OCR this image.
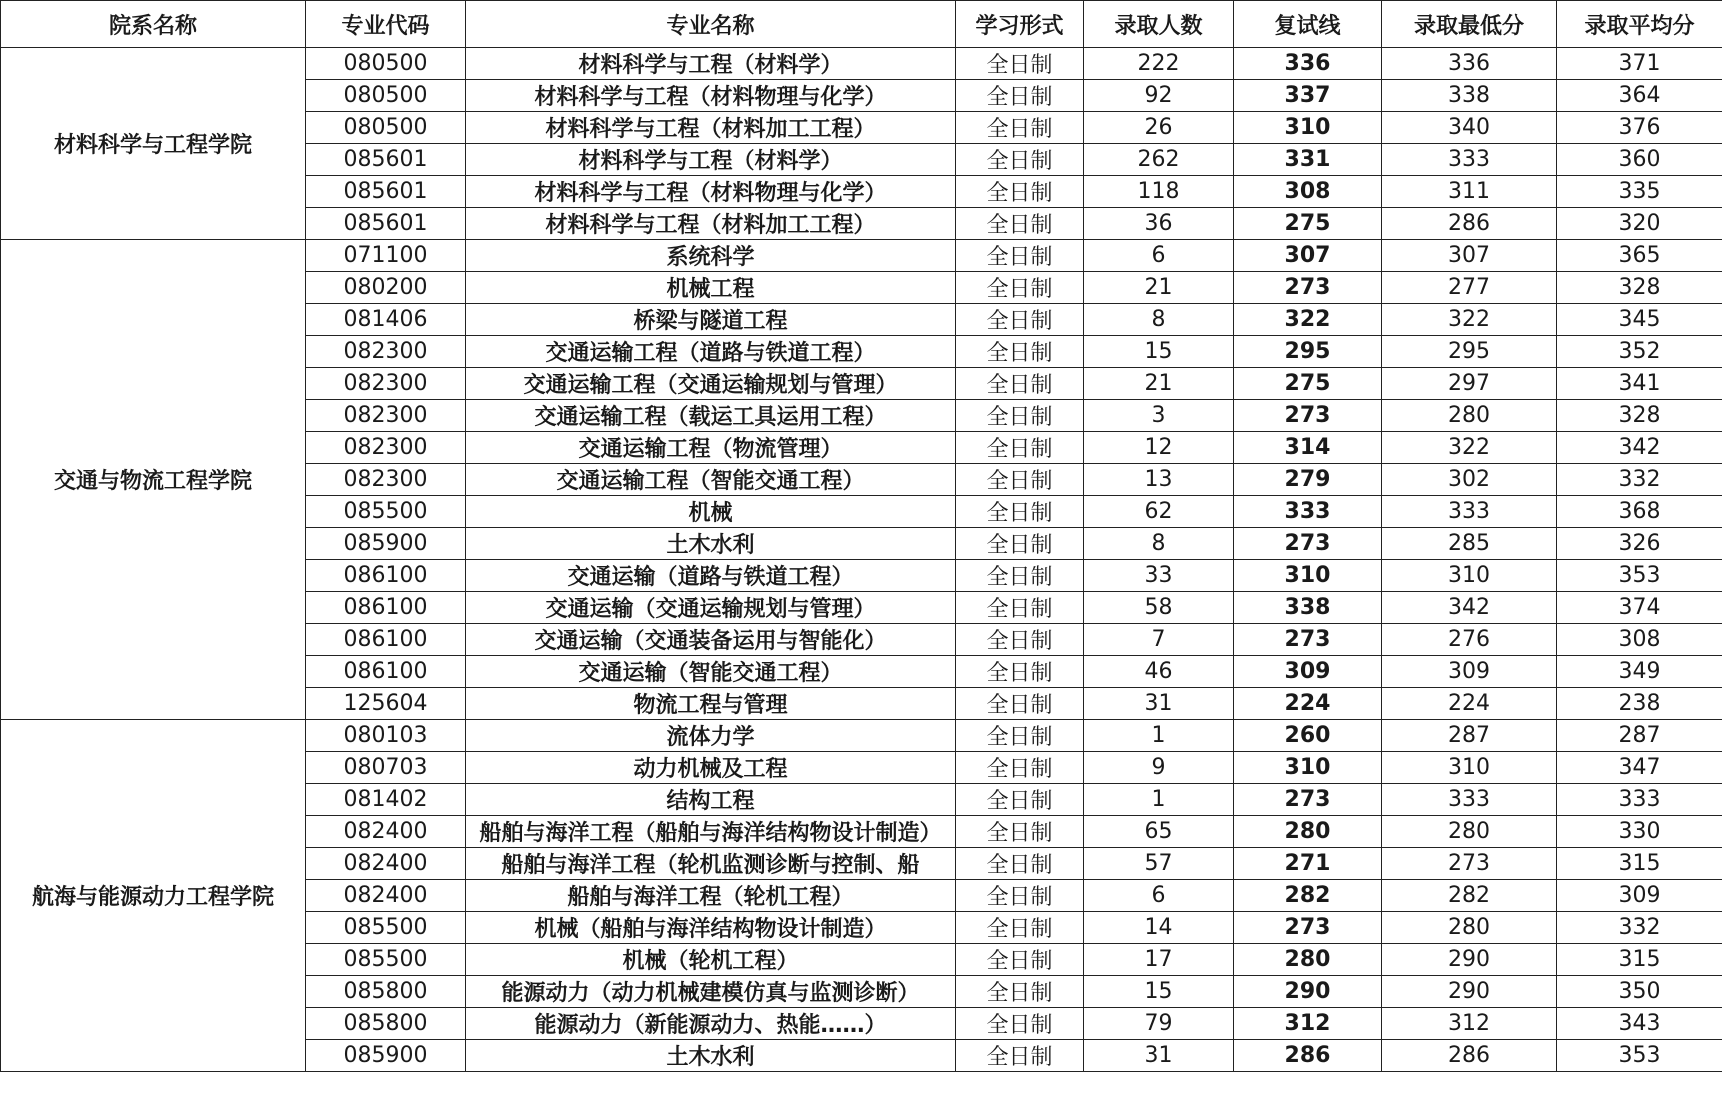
院系名称	专业代码	专业名称	学习形式	录取人数	复试线	录取最低分	录取平均分
材料科学与工程学院	080500	材料科学与工程（材料学）	全日制	222	336	336	371
	080500	材料科学与工程（材料物理与化学）	全日制	92	337	338	364
	080500	材料科学与工程（材料加工工程）	全日制	26	310	340	376
	085601	材料科学与工程（材料学）	全日制	262	331	333	360
	085601	材料科学与工程（材料物理与化学）	全日制	118	308	311	335
	085601	材料科学与工程（材料加工工程）	全日制	36	275	286	320
交通与物流工程学院	071100	系统科学	全日制	6	307	307	365
	080200	机械工程	全日制	21	273	277	328
	081406	桥梁与隧道工程	全日制	8	322	322	345
	082300	交通运输工程（道路与铁道工程）	全日制	15	295	295	352
	082300	交通运输工程（交通运输规划与管理）	全日制	21	275	297	341
	082300	交通运输工程（载运工具运用工程）	全日制	3	273	280	328
	082300	交通运输工程（物流管理）	全日制	12	314	322	342
	082300	交通运输工程（智能交通工程）	全日制	13	279	302	332
	085500	机械	全日制	62	333	333	368
	085900	土木水利	全日制	8	273	285	326
	086100	交通运输（道路与铁道工程）	全日制	33	310	310	353
	086100	交通运输（交通运输规划与管理）	全日制	58	338	342	374
	086100	交通运输（交通装备运用与智能化）	全日制	7	273	276	308
	086100	交通运输（智能交通工程）	全日制	46	309	309	349
	125604	物流工程与管理	全日制	31	224	224	238
航海与能源动力工程学院	080103	流体力学	全日制	1	260	287	287
	080703	动力机械及工程	全日制	9	310	310	347
	081402	结构工程	全日制	1	273	333	333
	082400	船舶与海洋工程（船舶与海洋结构物设计制造）	全日制	65	280	280	330
	082400	船舶与海洋工程（轮机监测诊断与控制、船	全日制	57	271	273	315
	082400	船舶与海洋工程（轮机工程）	全日制	6	282	282	309
	085500	机械（船舶与海洋结构物设计制造）	全日制	14	273	280	332
	085500	机械（轮机工程）	全日制	17	280	290	315
	085800	能源动力（动力机械建模仿真与监测诊断）	全日制	15	290	290	350
	085800	能源动力（新能源动力、热能……）	全日制	79	312	312	343
	085900	土木水利	全日制	31	286	286	353
